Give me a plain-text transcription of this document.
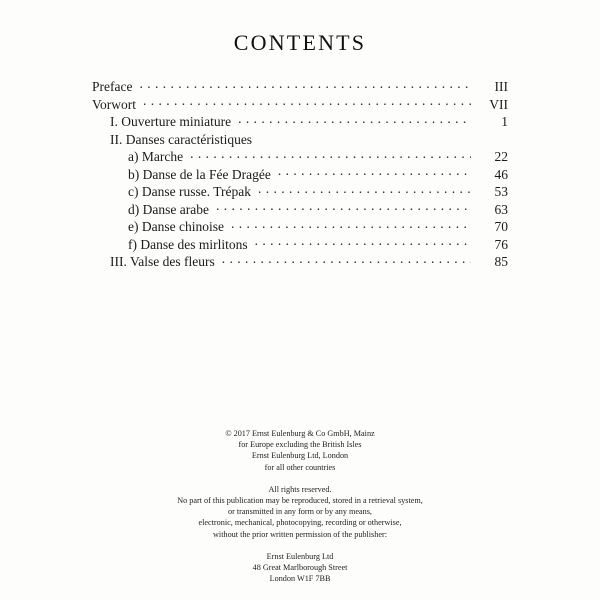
CONTENTS
Preface . . .	III
Vorwort . . .	VII
I. Ouverture miniature . . .	1
II. Danses caractéristiques
a) Marche . . .	22
b) Danse de la Fée Dragée . . .	46
c) Danse russe. Trépak . . .	53
d) Danse arabe . . .	63
e) Danse chinoise . . .	70
f) Danse des mirlitons . . .	76
III. Valse des fleurs . . .	85
© 2017 Ernst Eulenburg & Co GmbH, Mainz
for Europe excluding the British Isles
Ernst Eulenburg Ltd, London
for all other countries
All rights reserved.
No part of this publication may be reproduced, stored in a retrieval system,
or transmitted in any form or by any means,
electronic, mechanical, photocopying, recording or otherwise,
without the prior written permission of the publisher:
Ernst Eulenburg Ltd
48 Great Marlborough Street
London W1F 7BB
